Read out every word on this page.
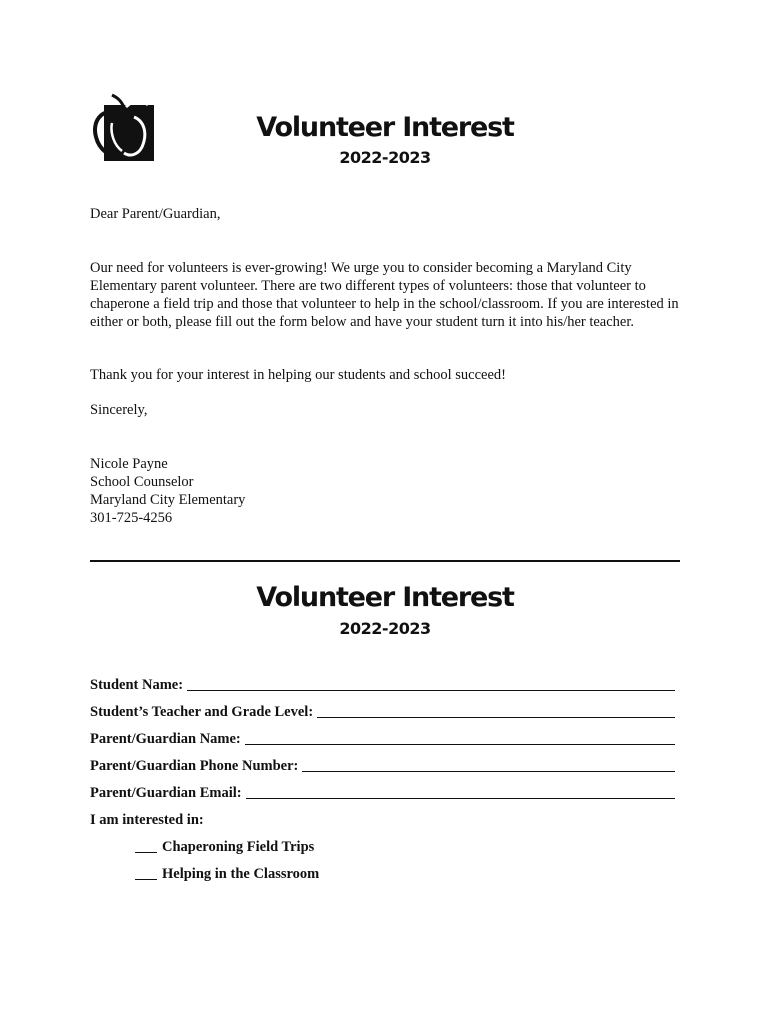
Volunteer Interest
2022-2023

Dear Parent/Guardian,

Our need for volunteers is ever-growing! We urge you to consider becoming a Maryland City Elementary parent volunteer. There are two different types of volunteers: those that volunteer to chaperone a field trip and those that volunteer to help in the school/classroom. If you are interested in either or both, please fill out the form below and have your student turn it into his/her teacher.

Thank you for your interest in helping our students and school succeed!

Sincerely,

Nicole Payne
School Counselor
Maryland City Elementary
301-725-4256
Volunteer Interest
2022-2023
Student Name:
Student’s Teacher and Grade Level:
Parent/Guardian Name:
Parent/Guardian Phone Number:
Parent/Guardian Email:
I am interested in:
Chaperoning Field Trips
Helping in the Classroom
